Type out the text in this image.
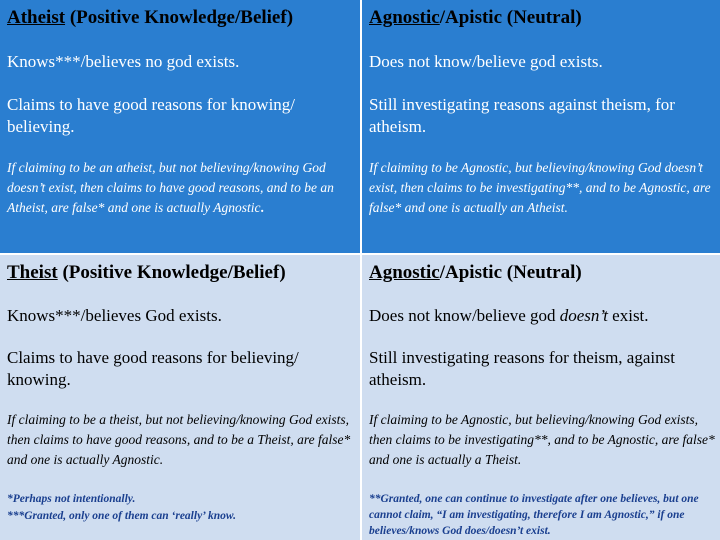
Atheist (Positive Knowledge/Belief)
Knows***/believes no god exists.
Claims to have good reasons for knowing/ believing.
If claiming to be an atheist, but not believing/knowing God doesn’t exist, then claims to have good reasons, and to be an Atheist, are false* and one is actually Agnostic.
Agnostic/Apistic (Neutral)
Does not know/believe god exists.
Still investigating reasons against theism, for atheism.
If claiming to be Agnostic, but believing/knowing God doesn’t exist, then claims to be investigating**, and to be Agnostic, are false* and one is actually an Atheist.
Theist (Positive Knowledge/Belief)
Knows***/believes God exists.
Claims to have good reasons for believing/ knowing.
If claiming to be a theist, but not believing/knowing God exists, then claims to have good reasons, and to be a Theist, are false* and one is actually Agnostic.
*Perhaps not intentionally.
***Granted, only one of them can ‘really’ know.
Agnostic/Apistic (Neutral)
Does not know/believe god doesn’t exist.
Still investigating reasons for theism, against atheism.
If claiming to be Agnostic, but believing/knowing God exists, then claims to be investigating**, and to be Agnostic, are false* and one is actually a Theist.
**Granted, one can continue to investigate after one believes, but one cannot claim, “I am investigating, therefore I am Agnostic,” if one believes/knows God does/doesn’t exist.
